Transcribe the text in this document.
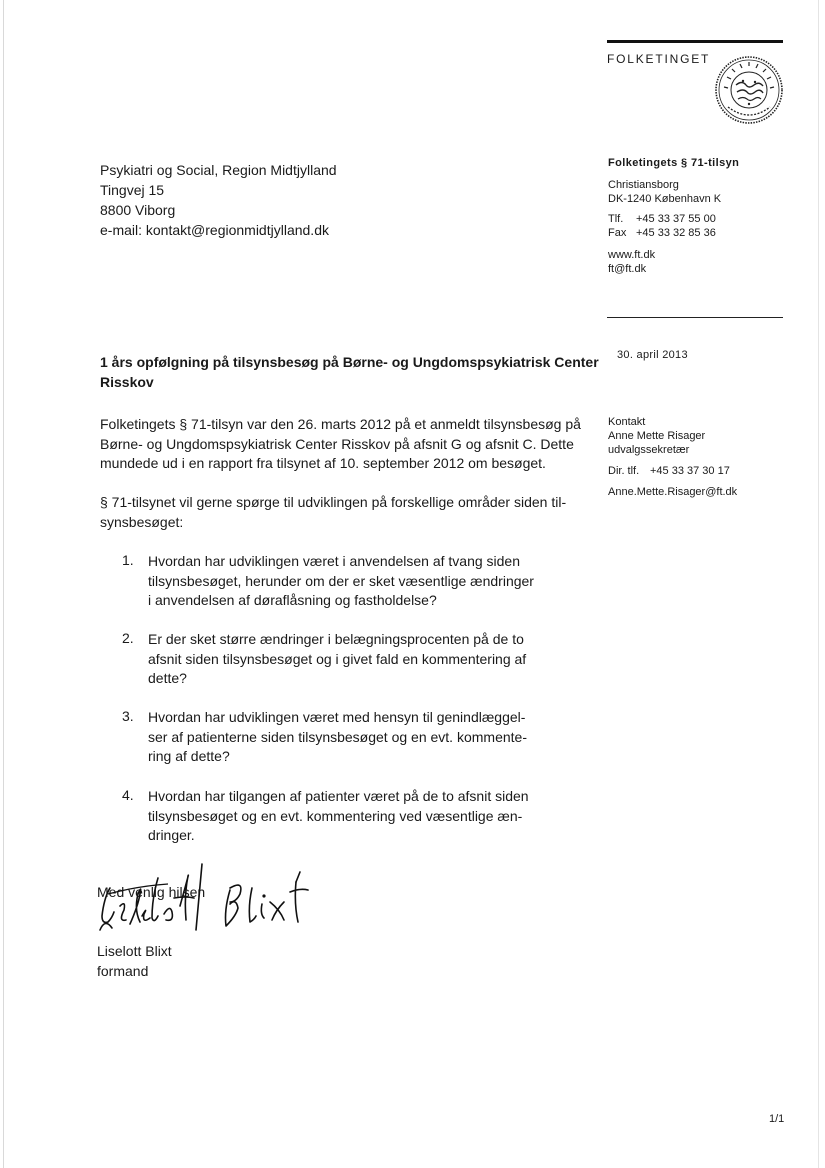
FOLKETINGET
Psykiatri og Social, Region Midtjylland
Tingvej 15
8800 Viborg
e-mail: kontakt@regionmidtjylland.dk
Folketingets § 71-tilsyn
Christiansborg
DK-1240 København K
Tlf. +45 33 37 55 00
Fax +45 33 32 85 36
www.ft.dk
ft@ft.dk
30. april 2013
Kontakt
Anne Mette Risager
udvalgssekretær
Dir. tlf. +45 33 37 30 17
Anne.Mette.Risager@ft.dk
1 års opfølgning på tilsynsbesøg på Børne- og Ungdomspsykiatrisk Center
Risskov
Folketingets § 71-tilsyn var den 26. marts 2012 på et anmeldt tilsynsbesøg på
Børne- og Ungdomspsykiatrisk Center Risskov på afsnit G og afsnit C. Dette
mundede ud i en rapport fra tilsynet af 10. september 2012 om besøget.
§ 71-tilsynet vil gerne spørge til udviklingen på forskellige områder siden til-
synsbesøget:
1. Hvordan har udviklingen været i anvendelsen af tvang siden
tilsynsbesøget, herunder om der er sket væsentlige ændringer
i anvendelsen af døraflåsning og fastholdelse?
2. Er der sket større ændringer i belægningsprocenten på de to
afsnit siden tilsynsbesøget og i givet fald en kommentering af
dette?
3. Hvordan har udviklingen været med hensyn til genindlæggel-
ser af patienterne siden tilsynsbesøget og en evt. kommente-
ring af dette?
4. Hvordan har tilgangen af patienter været på de to afsnit siden
tilsynsbesøget og en evt. kommentering ved væsentlige æn-
dringer.
Med venlig hilsen
Liselott Blixt
formand
1/1
